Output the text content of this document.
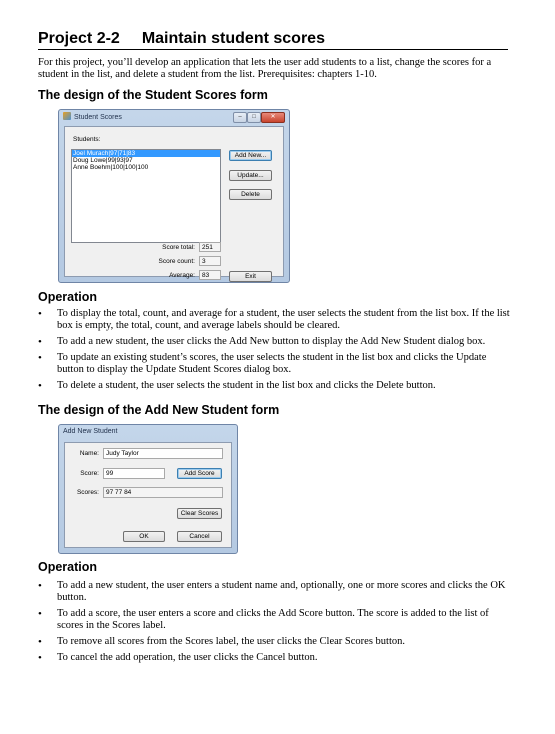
Project 2-2 Maintain student scores
For this project, you’ll develop an application that lets the user add students to a list, change the scores for a student in the list, and delete a student from the list. Prerequisites: chapters 1-10.
The design of the Student Scores form
Student Scores	–	□	✕
Students:
Joel Murach|97|71|83
Doug Lowe|99|93|97
Anne Boehm|100|100|100
Add New...
Update...
Delete
Score total:	251
Score count:	3
Average:	83	Exit
Operation
• To display the total, count, and average for a student, the user selects the student from the list box. If the list box is empty, the total, count, and average labels should be cleared.
• To add a new student, the user clicks the Add New button to display the Add New Student dialog box.
• To update an existing student’s scores, the user selects the student in the list box and clicks the Update button to display the Update Student Scores dialog box.
• To delete a student, the user selects the student in the list box and clicks the Delete button.
The design of the Add New Student form
Add New Student
Name:	Judy Taylor
Score:	99	Add Score
Scores:	97 77 84
Clear Scores
OK	Cancel
Operation
• To add a new student, the user enters a student name and, optionally, one or more scores and clicks the OK button.
• To add a score, the user enters a score and clicks the Add Score button. The score is added to the list of scores in the Scores label.
• To remove all scores from the Scores label, the user clicks the Clear Scores button.
• To cancel the add operation, the user clicks the Cancel button.
